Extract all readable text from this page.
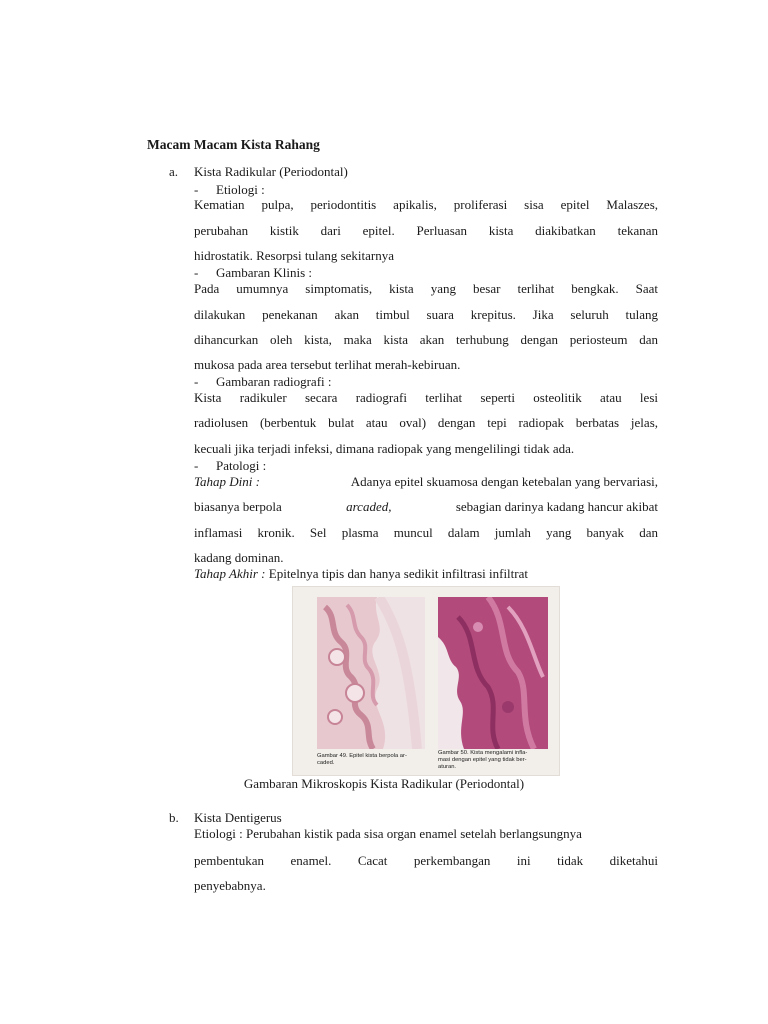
Macam Macam Kista Rahang
a. Kista Radikular (Periodontal)
- Etiologi :
Kematian pulpa, periodontitis apikalis, proliferasi sisa epitel Malaszes,
perubahan kistik dari epitel. Perluasan kista diakibatkan tekanan
hidrostatik. Resorpsi tulang sekitarnya
- Gambaran Klinis :
Pada umumnya simptomatis, kista yang besar terlihat bengkak. Saat
dilakukan penekanan akan timbul suara krepitus. Jika seluruh tulang
dihancurkan oleh kista, maka kista akan terhubung dengan periosteum dan
mukosa pada area tersebut terlihat merah-kebiruan.
- Gambaran radiografi :
Kista radikuler secara radiografi terlihat seperti osteolitik atau lesi
radiolusen (berbentuk bulat atau oval) dengan tepi radiopak berbatas jelas,
kecuali jika terjadi infeksi, dimana radiopak yang mengelilingi tidak ada.
- Patologi :
Tahap Dini :	Adanya epitel skuamosa dengan ketebalan yang bervariasi,
biasanya berpola	arcaded,	sebagian darinya kadang hancur akibat
inflamasi kronik. Sel plasma muncul dalam jumlah yang banyak dan
kadang dominan.
Tahap Akhir : Epitelnya tipis dan hanya sedikit infiltrasi infiltrat
Gambar 49. Epitel kista berpola ar-
caded.
Gambar 50. Kista mengalami infla-
masi dengan epitel yang tidak ber-
aturan.
Gambaran Mikroskopis Kista Radikular (Periodontal)
b. Kista Dentigerus
Etiologi : Perubahan kistik pada sisa organ enamel setelah berlangsungnya
pembentukan enamel. Cacat perkembangan ini tidak diketahui
penyebabnya.
